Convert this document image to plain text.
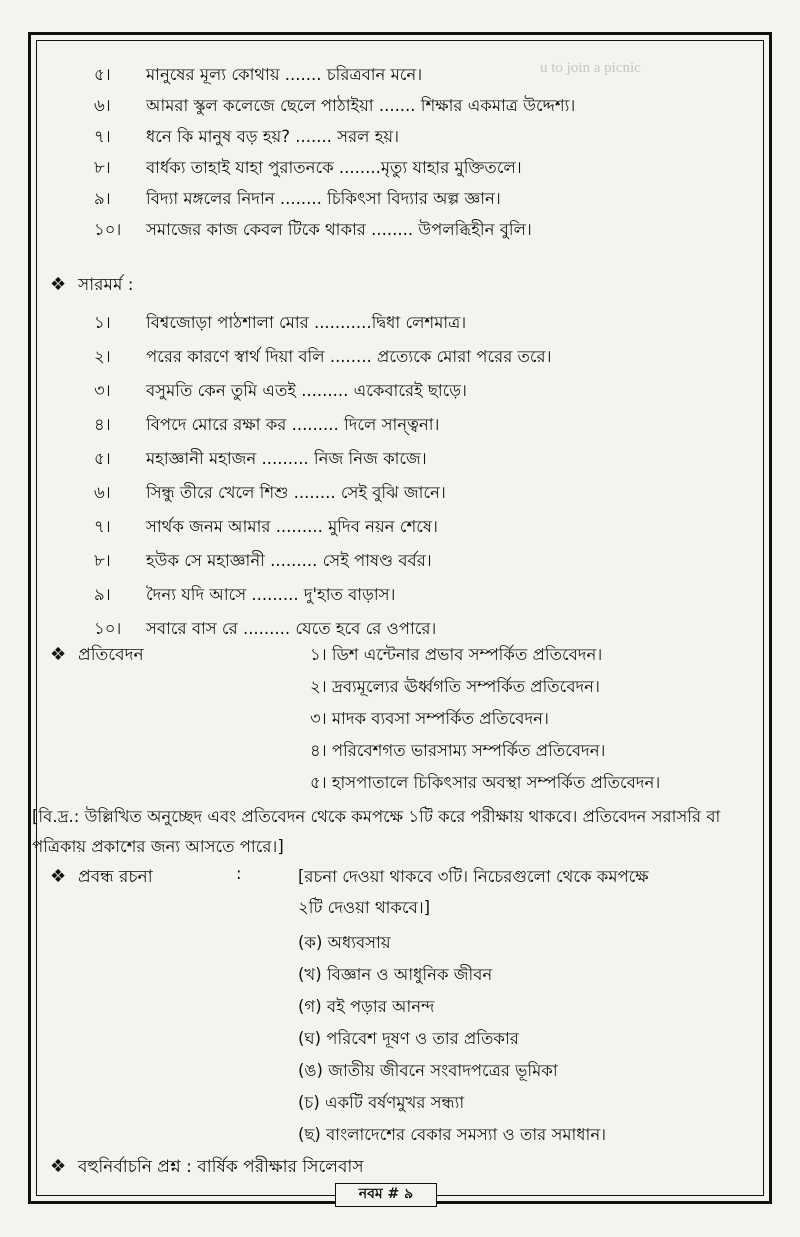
u to join a picnic
৫। মানুষের মূল্য কোথায় ....... চরিত্রবান মনে।
৬। আমরা স্কুল কলেজে ছেলে পাঠাইয়া ....... শিক্ষার একমাত্র উদ্দেশ্য।
৭। ধনে কি মানুষ বড় হয়? ....... সরল হয়।
৮। বার্ধক্য তাহাই যাহা পুরাতনকে ........মৃত্যু যাহার মুক্তিতলে।
৯। বিদ্যা মঙ্গলের নিদান ........ চিকিৎসা বিদ্যার অল্প জ্ঞান।
১০। সমাজের কাজ কেবল টিকে থাকার ........ উপলব্ধিহীন বুলি।
❖ সারমর্ম :
১। বিশ্বজোড়া পাঠশালা মোর ...........দ্বিধা লেশমাত্র।
২। পরের কারণে স্বার্থ দিয়া বলি ........ প্রত্যেকে মোরা পরের তরে।
৩। বসুমতি কেন তুমি এতই ......... একেবারেই ছাড়ে।
৪। বিপদে মোরে রক্ষা কর ......... দিলে সান্ত্বনা।
৫। মহাজ্ঞানী মহাজন ......... নিজ নিজ কাজে।
৬। সিন্ধু তীরে খেলে শিশু ........ সেই বুঝি জানে।
৭। সার্থক জনম আমার ......... মুদিব নয়ন শেষে।
৮। হউক সে মহাজ্ঞানী ......... সেই পাষণ্ড বর্বর।
৯। দৈন্য যদি আসে ......... দু'হাত বাড়াস।
১০। সবারে বাস রে ......... যেতে হবে রে ওপারে।
❖ প্রতিবেদন	১। ডিশ এন্টেনার প্রভাব সম্পর্কিত প্রতিবেদন।
২। দ্রব্যমূল্যের ঊর্ধ্বগতি সম্পর্কিত প্রতিবেদন।
৩। মাদক ব্যবসা সম্পর্কিত প্রতিবেদন।
৪। পরিবেশগত ভারসাম্য সম্পর্কিত প্রতিবেদন।
৫। হাসপাতালে চিকিৎসার অবস্থা সম্পর্কিত প্রতিবেদন।
[বি.দ্র.: উল্লিখিত অনুচ্ছেদ এবং প্রতিবেদন থেকে কমপক্ষে ১টি করে পরীক্ষায় থাকবে। প্রতিবেদন সরাসরি বা পত্রিকায় প্রকাশের জন্য আসতে পারে।]
❖ প্রবন্ধ রচনা	:	[রচনা দেওয়া থাকবে ৩টি। নিচেরগুলো থেকে কমপক্ষে
২টি দেওয়া থাকবে।]
(ক) অধ্যবসায়
(খ) বিজ্ঞান ও আধুনিক জীবন
(গ) বই পড়ার আনন্দ
(ঘ) পরিবেশ দূষণ ও তার প্রতিকার
(ঙ) জাতীয় জীবনে সংবাদপত্রের ভূমিকা
(চ) একটি বর্ষণমুখর সন্ধ্যা
(ছ) বাংলাদেশের বেকার সমস্যা ও তার সমাধান।
❖ বহুনির্বাচনি প্রশ্ন : বার্ষিক পরীক্ষার সিলেবাস
নবম # ৯
